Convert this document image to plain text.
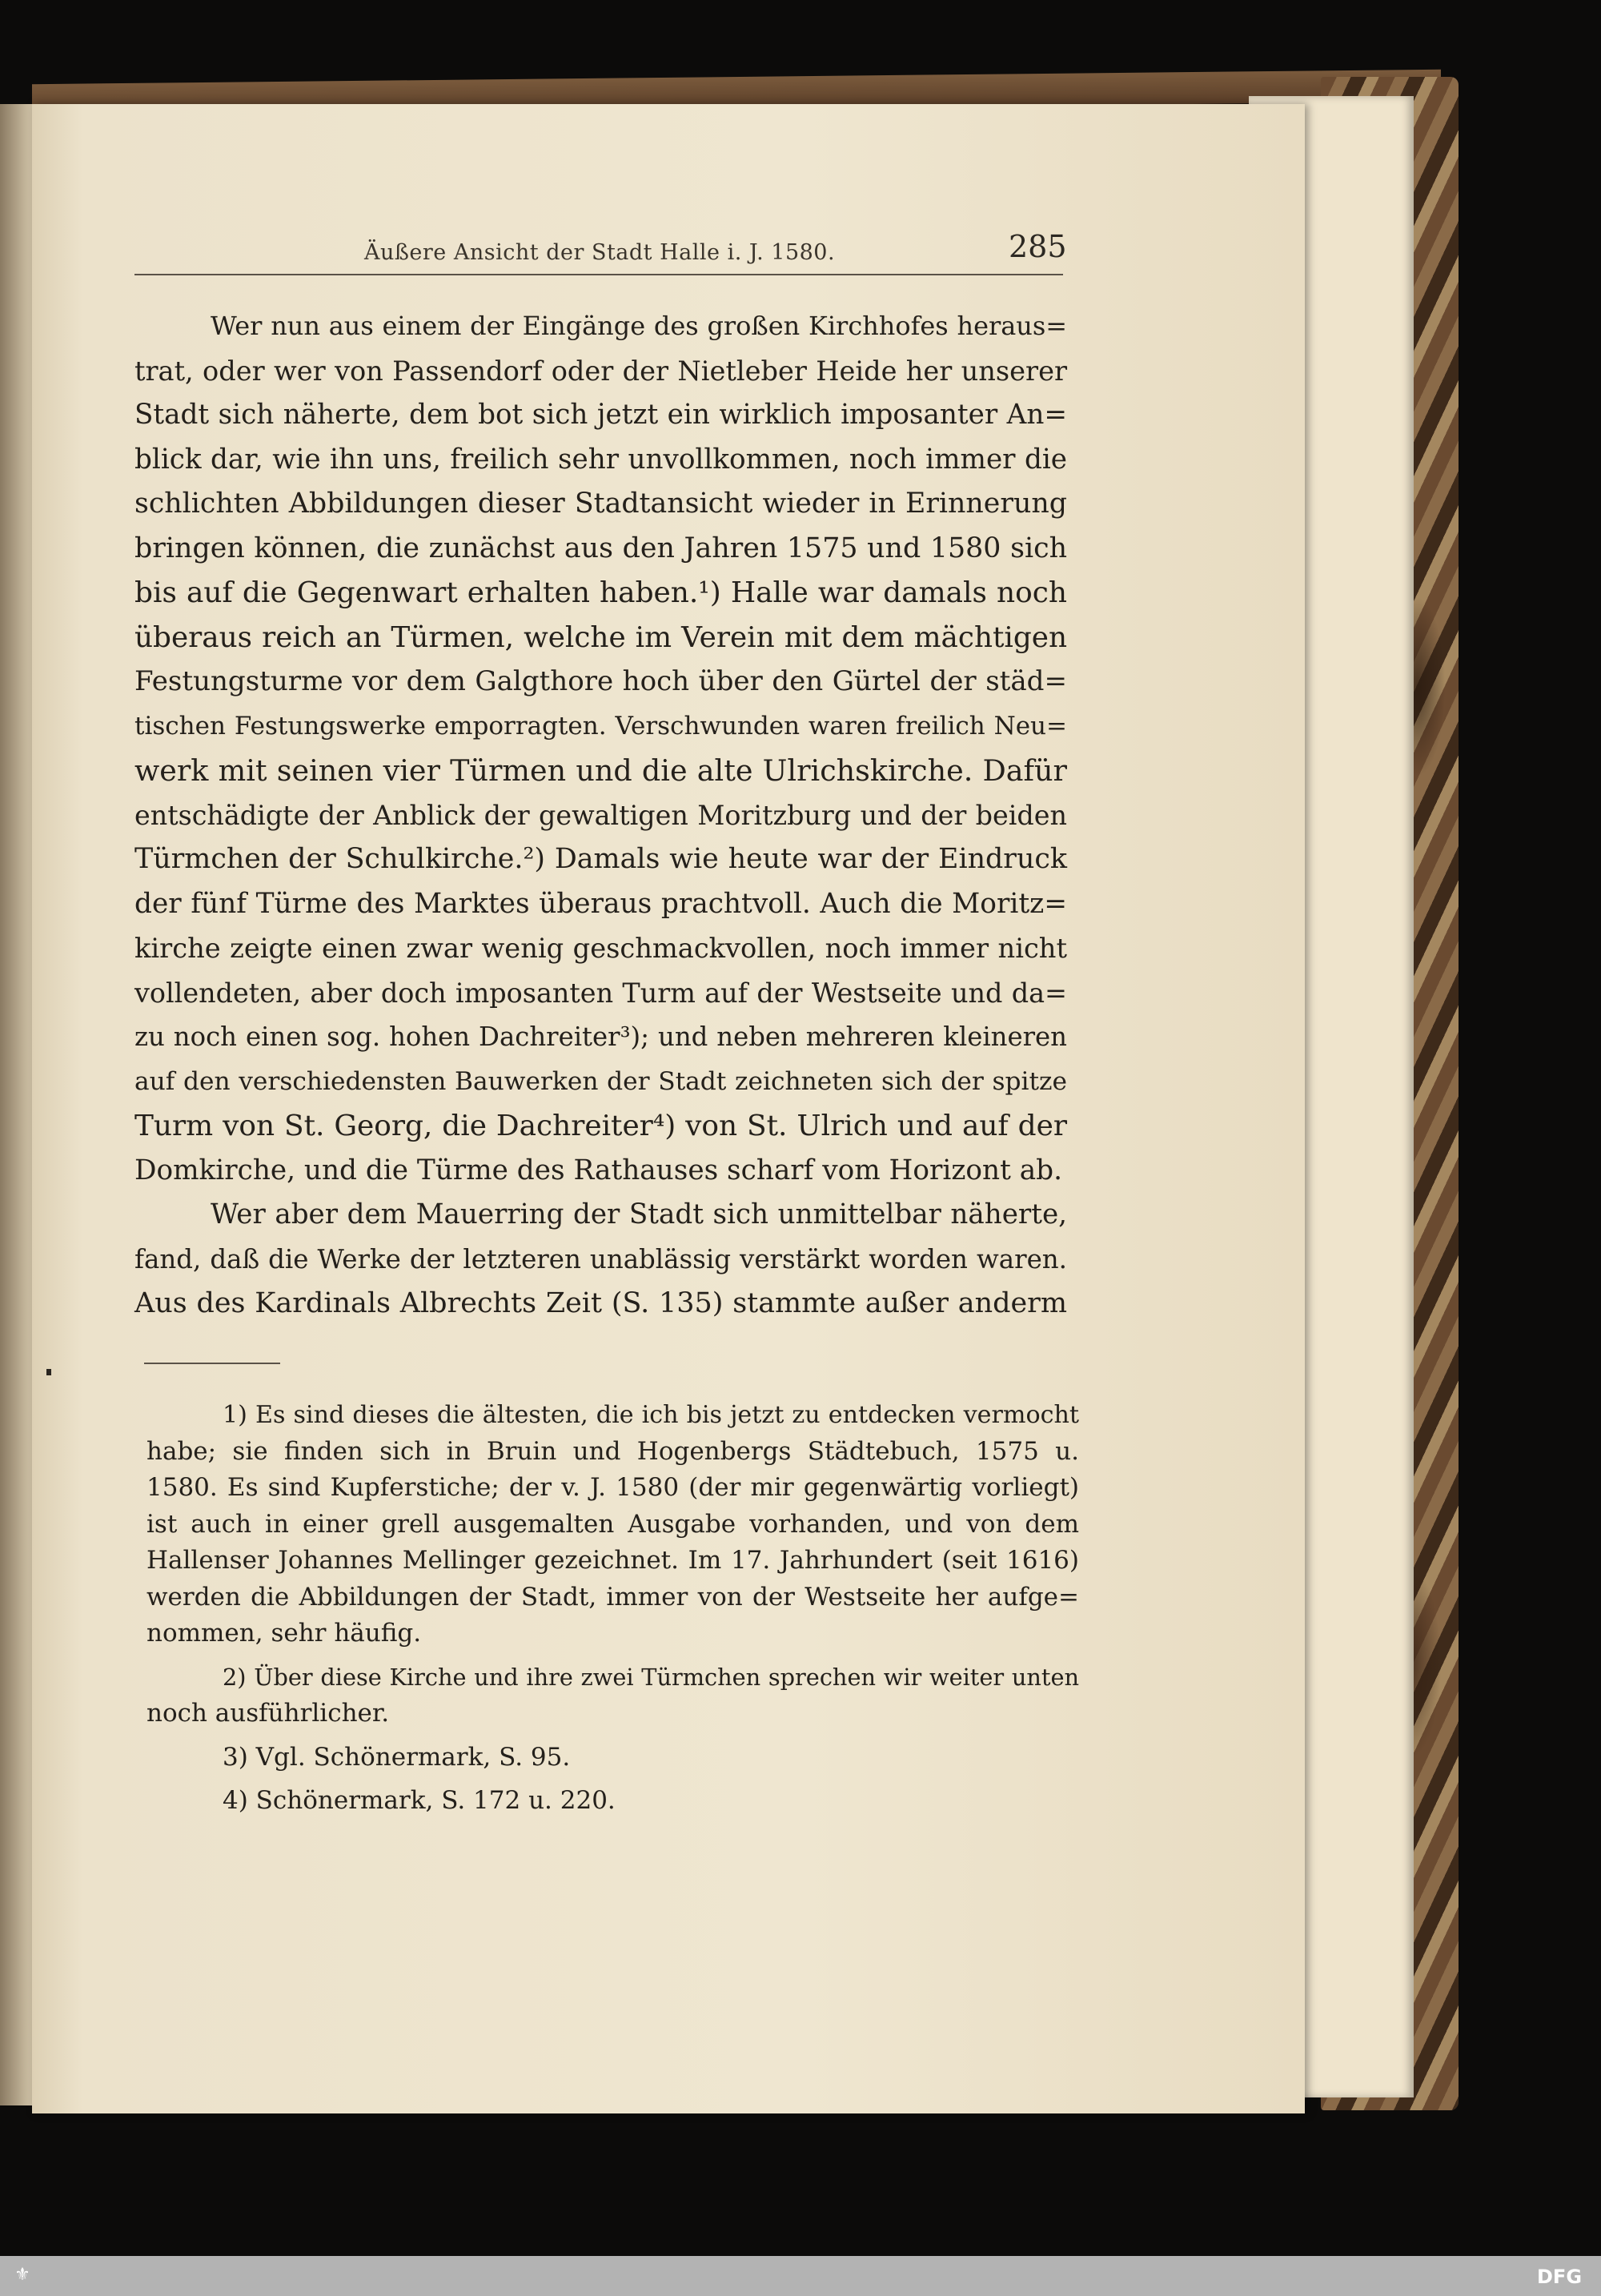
Äußere Ansicht der Stadt Halle i. J. 1580.	285
Wer nun aus einem der Eingänge des großen Kirchhofes heraus=
trat, oder wer von Passendorf oder der Nietleber Heide her unserer
Stadt sich näherte, dem bot sich jetzt ein wirklich imposanter An=
blick dar, wie ihn uns, freilich sehr unvollkommen, noch immer die
schlichten Abbildungen dieser Stadtansicht wieder in Erinnerung
bringen können, die zunächst aus den Jahren 1575 und 1580 sich
bis auf die Gegenwart erhalten haben.¹) Halle war damals noch
überaus reich an Türmen, welche im Verein mit dem mächtigen
Festungsturme vor dem Galgthore hoch über den Gürtel der städ=
tischen Festungswerke emporragten. Verschwunden waren freilich Neu=
werk mit seinen vier Türmen und die alte Ulrichskirche. Dafür
entschädigte der Anblick der gewaltigen Moritzburg und der beiden
Türmchen der Schulkirche.²) Damals wie heute war der Eindruck
der fünf Türme des Marktes überaus prachtvoll. Auch die Moritz=
kirche zeigte einen zwar wenig geschmackvollen, noch immer nicht
vollendeten, aber doch imposanten Turm auf der Westseite und da=
zu noch einen sog. hohen Dachreiter³); und neben mehreren kleineren
auf den verschiedensten Bauwerken der Stadt zeichneten sich der spitze
Turm von St. Georg, die Dachreiter⁴) von St. Ulrich und auf der
Domkirche, und die Türme des Rathauses scharf vom Horizont ab.
Wer aber dem Mauerring der Stadt sich unmittelbar näherte,
fand, daß die Werke der letzteren unablässig verstärkt worden waren.
Aus des Kardinals Albrechts Zeit (S. 135) stammte außer anderm
1) Es sind dieses die ältesten, die ich bis jetzt zu entdecken vermocht
habe; sie finden sich in Bruin und Hogenbergs Städtebuch, 1575 u.
1580. Es sind Kupferstiche; der v. J. 1580 (der mir gegenwärtig vorliegt)
ist auch in einer grell ausgemalten Ausgabe vorhanden, und von dem
Hallenser Johannes Mellinger gezeichnet. Im 17. Jahrhundert (seit 1616)
werden die Abbildungen der Stadt, immer von der Westseite her aufge=
nommen, sehr häufig.
2) Über diese Kirche und ihre zwei Türmchen sprechen wir weiter unten
noch ausführlicher.
3) Vgl. Schönermark, S. 95.
4) Schönermark, S. 172 u. 220.
⚜	DFG
